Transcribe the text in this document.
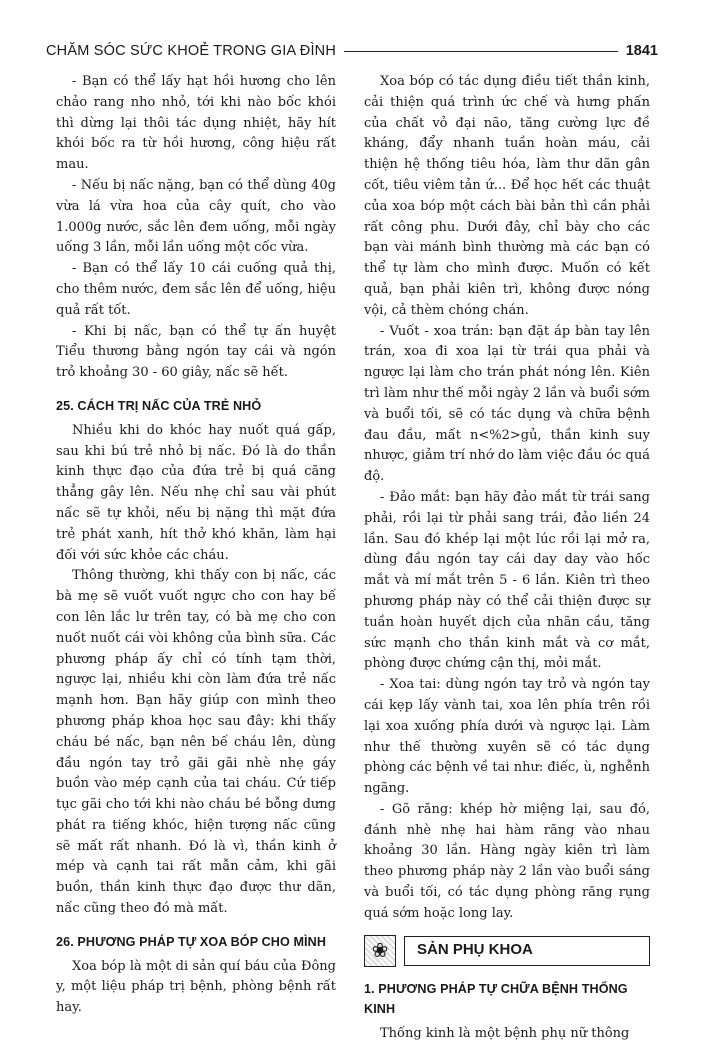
CHĂM SÓC SỨC KHOẺ TRONG GIA ĐÌNH	1841

- Bạn có thể lấy hạt hồi hương cho lên chảo rang nho nhỏ, tới khi nào bốc khói thì dừng lại thôi tác dụng nhiệt, hãy hít khói bốc ra từ hồi hương, công hiệu rất mau.

- Nếu bị nấc nặng, bạn có thể dùng 40g vừa lá vừa hoa của cây quít, cho vào 1.000g nước, sắc lên đem uống, mỗi ngày uống 3 lần, mỗi lần uống một cốc vừa.

- Bạn có thể lấy 10 cái cuống quả thị, cho thêm nước, đem sắc lên để uống, hiệu quả rất tốt.

- Khi bị nấc, bạn có thể tự ấn huyệt Tiểu thương bằng ngón tay cái và ngón trỏ khoảng 30 - 60 giây, nấc sẽ hết.

25. CÁCH TRỊ NẤC CỦA TRẺ NHỎ

Nhiều khi do khóc hay nuốt quá gấp, sau khi bú trẻ nhỏ bị nấc. Đó là do thần kinh thực đạo của đứa trẻ bị quá căng thẳng gây lên. Nếu nhẹ chỉ sau vài phút nấc sẽ tự khỏi, nếu bị nặng thì mặt đứa trẻ phát xanh, hít thở khó khăn, làm hại đối với sức khỏe các cháu.

Thông thường, khi thấy con bị nấc, các bà mẹ sẽ vuốt vuốt ngực cho con hay bế con lên lắc lư trên tay, có bà mẹ cho con nuốt nuốt cái vòi không của bình sữa. Các phương pháp ấy chỉ có tính tạm thời, ngược lại, nhiều khi còn làm đứa trẻ nấc mạnh hơn. Bạn hãy giúp con mình theo phương pháp khoa học sau đây: khi thấy cháu bé nấc, bạn nên bế cháu lên, dùng đầu ngón tay trỏ gãi gãi nhè nhẹ gáy buồn vào mép cạnh của tai cháu. Cứ tiếp tục gãi cho tới khi nào cháu bé bỗng dưng phát ra tiếng khóc, hiện tượng nấc cũng sẽ mất rất nhanh. Đó là vì, thần kinh ở mép và cạnh tai rất mẫn cảm, khi gãi buồn, thần kinh thực đạo được thư dãn, nấc cũng theo đó mà mất.

26. PHƯƠNG PHÁP TỰ XOA BÓP CHO MÌNH

Xoa bóp là một di sản quí báu của Đông y, một liệu pháp trị bệnh, phòng bệnh rất hay.

Xoa bóp có tác dụng điều tiết thần kinh, cải thiện quá trình ức chế và hưng phấn của chất vỏ đại não, tăng cường lực đề kháng, đẩy nhanh tuần hoàn máu, cải thiện hệ thống tiêu hóa, làm thư dãn gân cốt, tiêu viêm tản ứ... Để học hết các thuật của xoa bóp một cách bài bản thì cần phải rất công phu. Dưới đây, chỉ bày cho các bạn vài mánh bình thường mà các bạn có thể tự làm cho mình được. Muốn có kết quả, bạn phải kiên trì, không được nóng vội, cả thèm chóng chán.

- Vuốt - xoa trán: bạn đặt áp bàn tay lên trán, xoa đi xoa lại từ trái qua phải và ngược lại làm cho trán phát nóng lên. Kiên trì làm như thế mỗi ngày 2 lần và buổi sớm và buổi tối, sẽ có tác dụng và chữa bệnh đau đầu, mất n<%2>gủ, thần kinh suy nhược, giảm trí nhớ do làm việc đầu óc quá độ.

- Đảo mắt: bạn hãy đảo mắt từ trái sang phải, rồi lại từ phải sang trái, đảo liền 24 lần. Sau đó khép lại một lúc rồi lại mở ra, dùng đầu ngón tay cái day day vào hốc mắt và mí mắt trên 5 - 6 lần. Kiên trì theo phương pháp này có thể cải thiện được sự tuần hoàn huyết dịch của nhãn cầu, tăng sức mạnh cho thần kinh mắt và cơ mắt, phòng được chứng cận thị, mỏi mắt.

- Xoa tai: dùng ngón tay trỏ và ngón tay cái kẹp lấy vành tai, xoa lên phía trên rồi lại xoa xuống phía dưới và ngược lại. Làm như thế thường xuyên sẽ có tác dụng phòng các bệnh về tai như: điếc, ù, nghễnh ngãng.

- Gõ răng: khép hờ miệng lại, sau đó, đánh nhè nhẹ hai hàm răng vào nhau khoảng 30 lần. Hàng ngày kiên trì làm theo phương pháp này 2 lần vào buổi sáng và buổi tối, có tác dụng phòng răng rụng quá sớm hoặc long lay.

❀	SẢN PHỤ KHOA
1. PHƯƠNG PHÁP TỰ CHỮA BỆNH THỐNG KINH

Thống kinh là một bệnh phụ nữ thông
